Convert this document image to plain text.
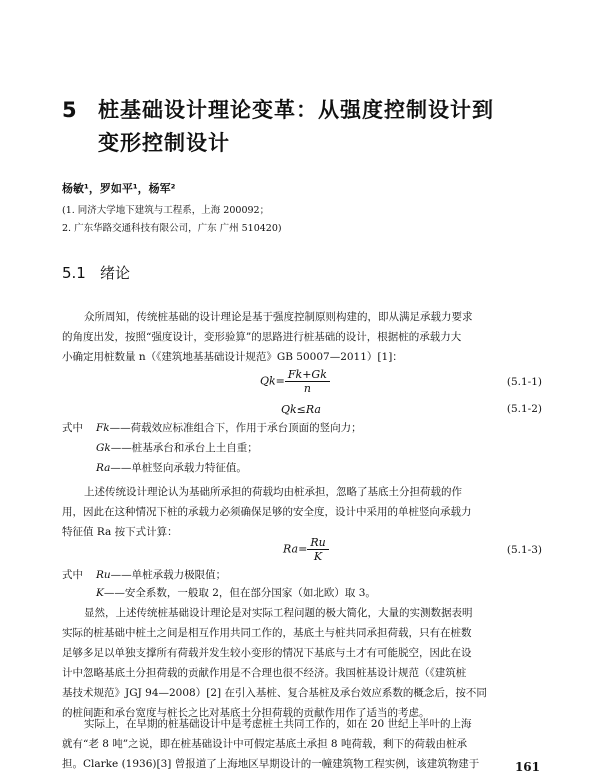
5 桩基础设计理论变革：从强度控制设计到
变形控制设计
杨敏¹，罗如平¹，杨军²
(1. 同济大学地下建筑与工程系，上海 200092；
2. 广东华路交通科技有限公司，广东 广州 510420)
5.1 绪论
众所周知，传统桩基础的设计理论是基于强度控制原则构建的，即从满足承载力要求
的角度出发，按照“强度设计，变形验算”的思路进行桩基础的设计，根据桩的承载力大
小确定用桩数量 n（《建筑地基基础设计规范》GB 50007—2011）[1]：
$Qk= \frac{Fk+Gk}{n}$	(5.1-1)
Qk≤Ra	(5.1-2)
式中 Fk——荷载效应标准组合下，作用于承台顶面的竖向力；
Gk——桩基承台和承台上土自重；
Ra——单桩竖向承载力特征值。
上述传统设计理论认为基础所承担的荷载均由桩承担，忽略了基底土分担荷载的作
用，因此在这种情况下桩的承载力必须确保足够的安全度，设计中采用的单桩竖向承载力
特征值 Ra 按下式计算：
$Ra= \frac{Ru}{K}$	(5.1-3)
式中 Ru——单桩承载力极限值；
K——安全系数，一般取 2，但在部分国家（如北欧）取 3。
显然，上述传统桩基础设计理论是对实际工程问题的极大简化，大量的实测数据表明
实际的桩基础中桩土之间是相互作用共同工作的，基底土与桩共同承担荷载，只有在桩数
足够多足以单独支撑所有荷载并发生较小变形的情况下基底与土才有可能脱空，因此在设
计中忽略基底土分担荷载的贡献作用是不合理也很不经济。我国桩基设计规范（《建筑桩
基技术规范》JGJ 94—2008）[2] 在引入基桩、复合基桩及承台效应系数的概念后，按不同
的桩间距和承台宽度与桩长之比对基底土分担荷载的贡献作用作了适当的考虑。
实际上，在早期的桩基础设计中是考虑桩土共同工作的，如在 20 世纪上半叶的上海
就有“老 8 吨”之说，即在桩基础设计中可假定基底土承担 8 吨荷载，剩下的荷载由桩承
担。Clarke (1936)[3] 曾报道了上海地区早期设计的一幢建筑物工程实例，该建筑物建于	161
